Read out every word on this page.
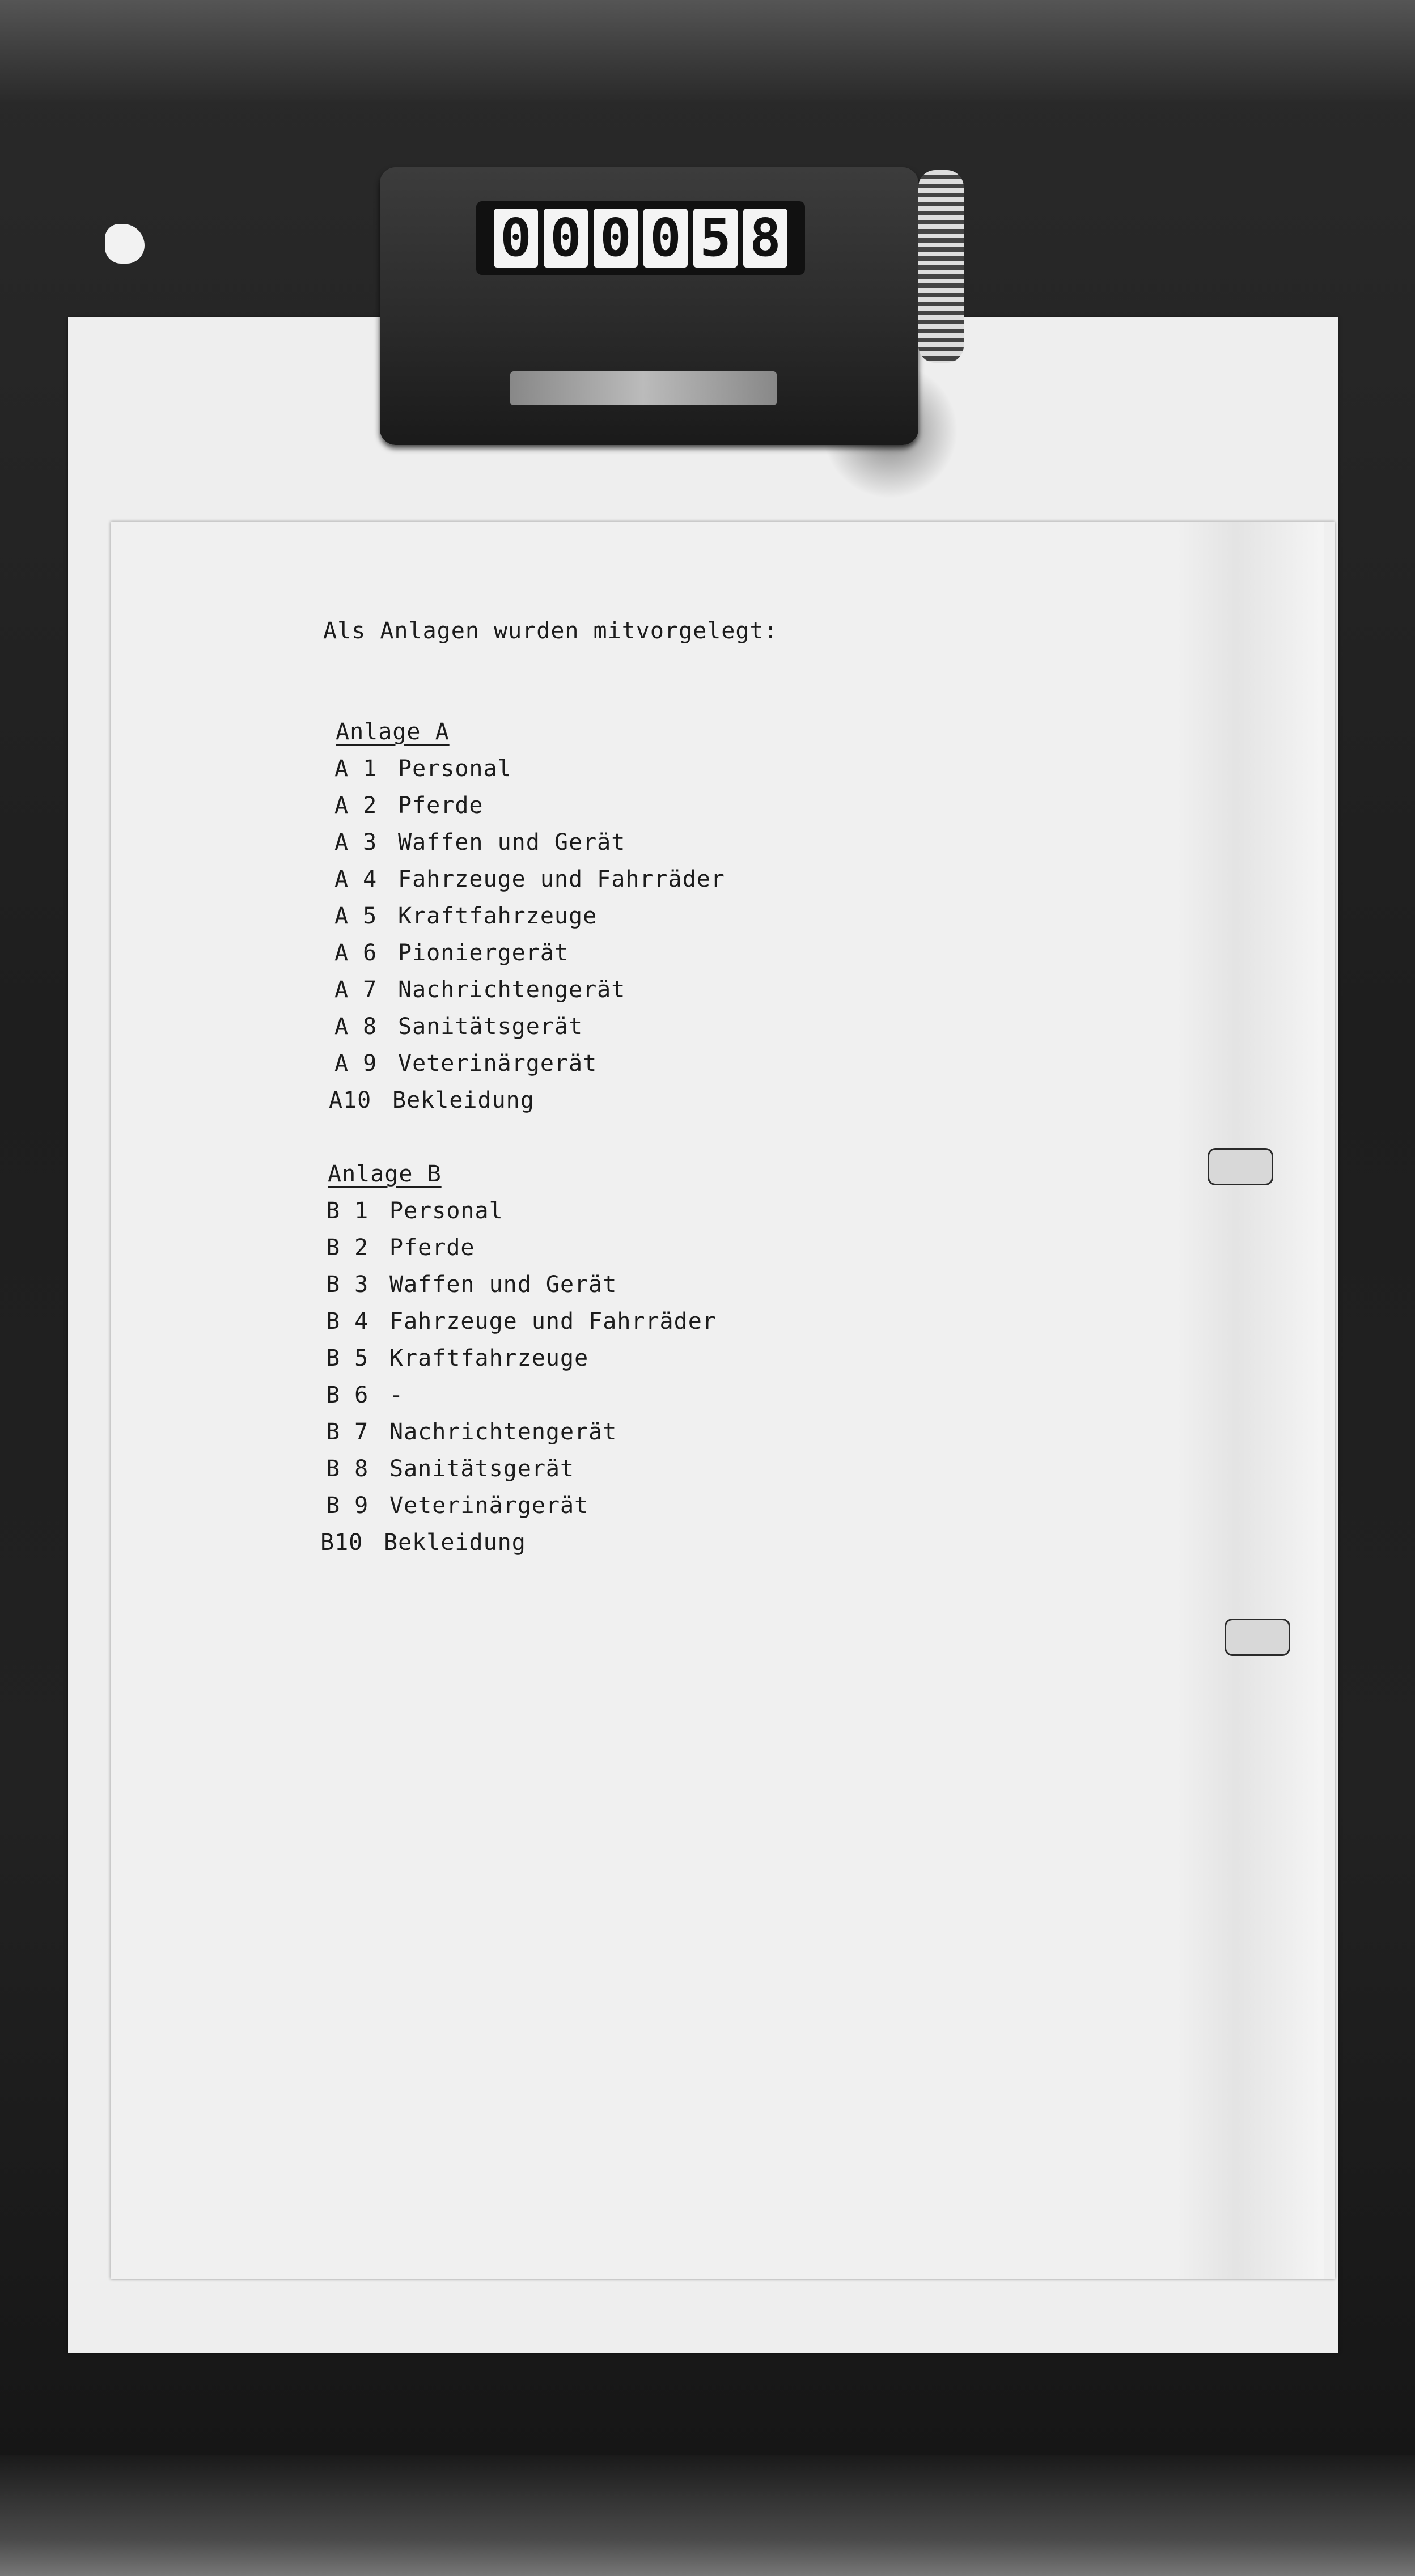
0 0 0 0 5 8
Als Anlagen wurden mitvorgelegt:
Anlage A
A 1 Personal
A 2 Pferde
A 3 Waffen und Gerät
A 4 Fahrzeuge und Fahrräder
A 5 Kraftfahrzeuge
A 6 Pioniergerät
A 7 Nachrichtengerät
A 8 Sanitätsgerät
A 9 Veterinärgerät
A10 Bekleidung
Anlage B
B 1 Personal
B 2 Pferde
B 3 Waffen und Gerät
B 4 Fahrzeuge und Fahrräder
B 5 Kraftfahrzeuge
B 6 -
B 7 Nachrichtengerät
B 8 Sanitätsgerät
B 9 Veterinärgerät
B10 Bekleidung
